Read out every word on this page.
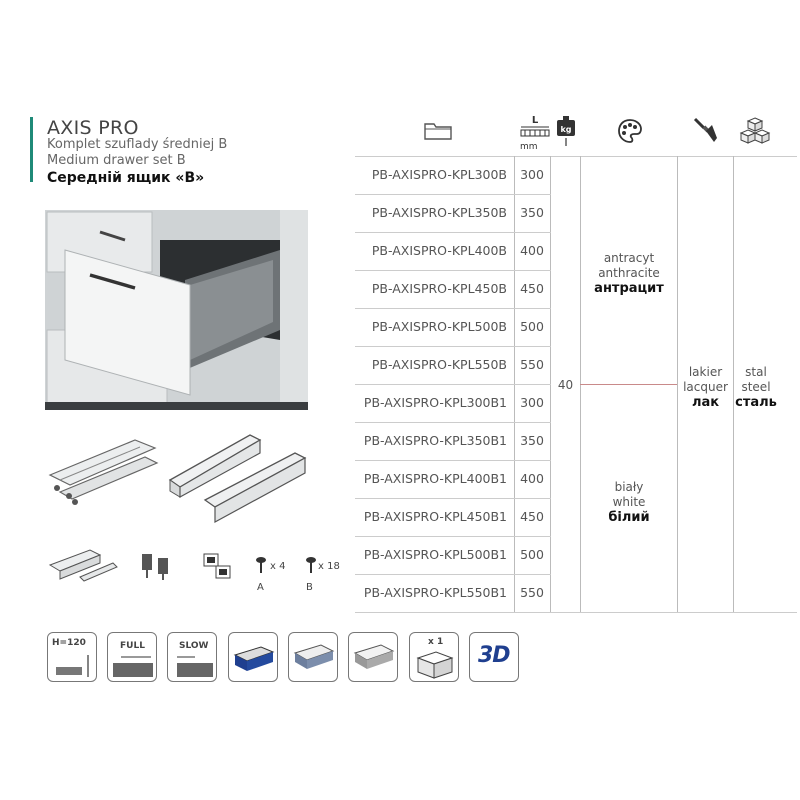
AXIS PRO
Komplet szuflady średniej B
Medium drawer set B
Середній ящик «B»
x 4
A
x 18
B
L
mm
kg
PB-AXISPRO-KPL300B	300
PB-AXISPRO-KPL350B	350
PB-AXISPRO-KPL400B	400
PB-AXISPRO-KPL450B	450
PB-AXISPRO-KPL500B	500
PB-AXISPRO-KPL550B	550
PB-AXISPRO-KPL300B1	300
PB-AXISPRO-KPL350B1	350
PB-AXISPRO-KPL400B1	400
PB-AXISPRO-KPL450B1	450
PB-AXISPRO-KPL500B1	500
PB-AXISPRO-KPL550B1	550
40
antracyt
anthracite
антрацит
biały
white
білий
lakier
lacquer
лак
stal
steel
сталь
H=120	FULL	SLOW	x 1
3D
